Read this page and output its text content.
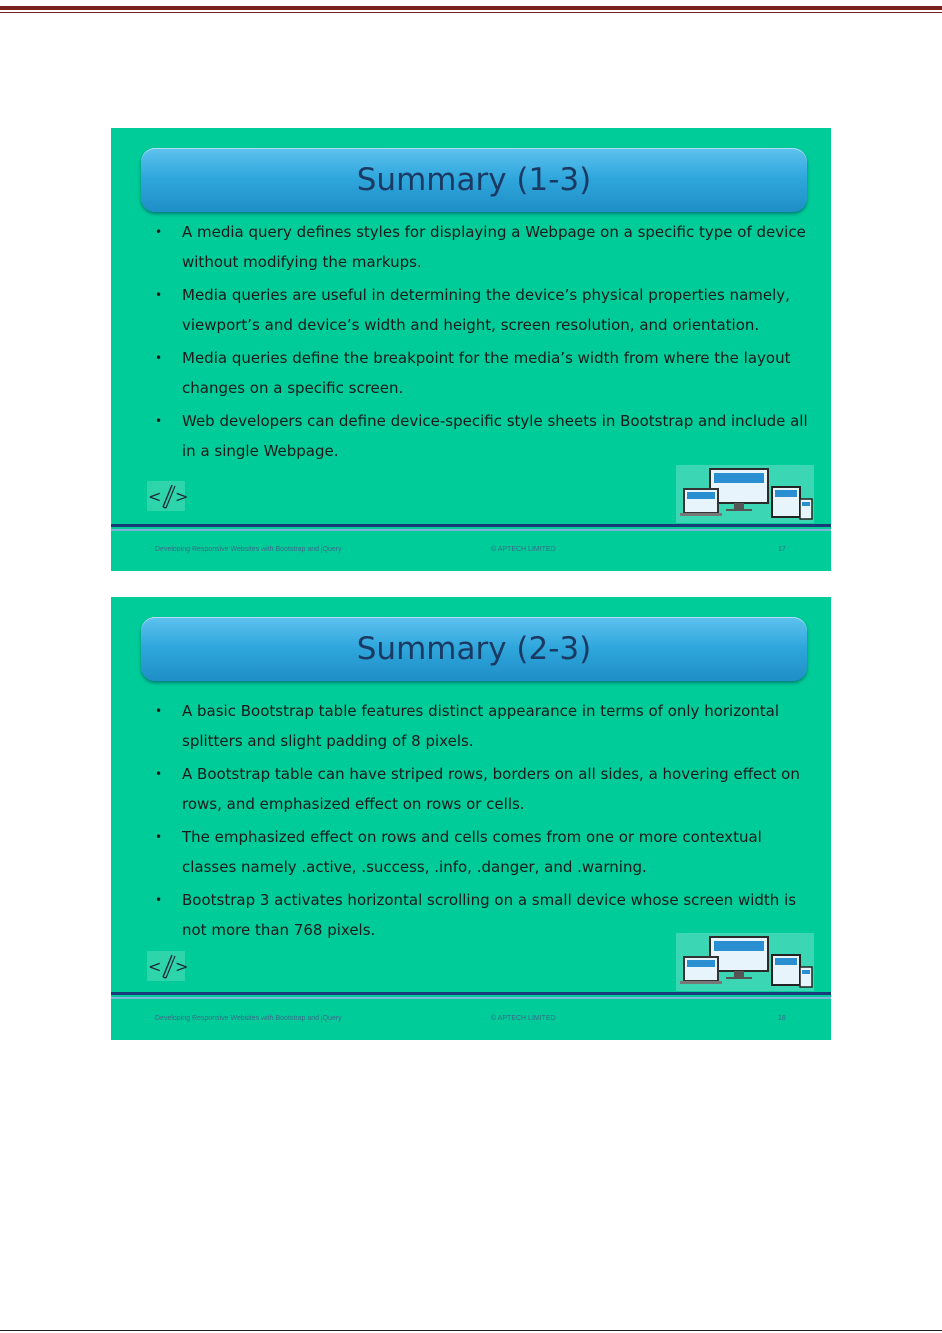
Summary (1-3)
• A media query defines styles for displaying a Webpage on a specific type of device without modifying the markups.
• Media queries are useful in determining the device’s physical properties namely, viewport’s and device’s width and height, screen resolution, and orientation.
• Media queries define the breakpoint for the media’s width from where the layout changes on a specific screen.
• Web developers can define device-specific style sheets in Bootstrap and include all in a single Webpage.
< >
Developing Responsive Websites with Bootstrap and jQuery	© APTECH LIMITED	17
Summary (2-3)
• A basic Bootstrap table features distinct appearance in terms of only horizontal splitters and slight padding of 8 pixels.
• A Bootstrap table can have striped rows, borders on all sides, a hovering effect on rows, and emphasized effect on rows or cells.
• The emphasized effect on rows and cells comes from one or more contextual classes namely .active, .success, .info, .danger, and .warning.
• Bootstrap 3 activates horizontal scrolling on a small device whose screen width is not more than 768 pixels.
< >
Developing Responsive Websites with Bootstrap and jQuery	© APTECH LIMITED	18
